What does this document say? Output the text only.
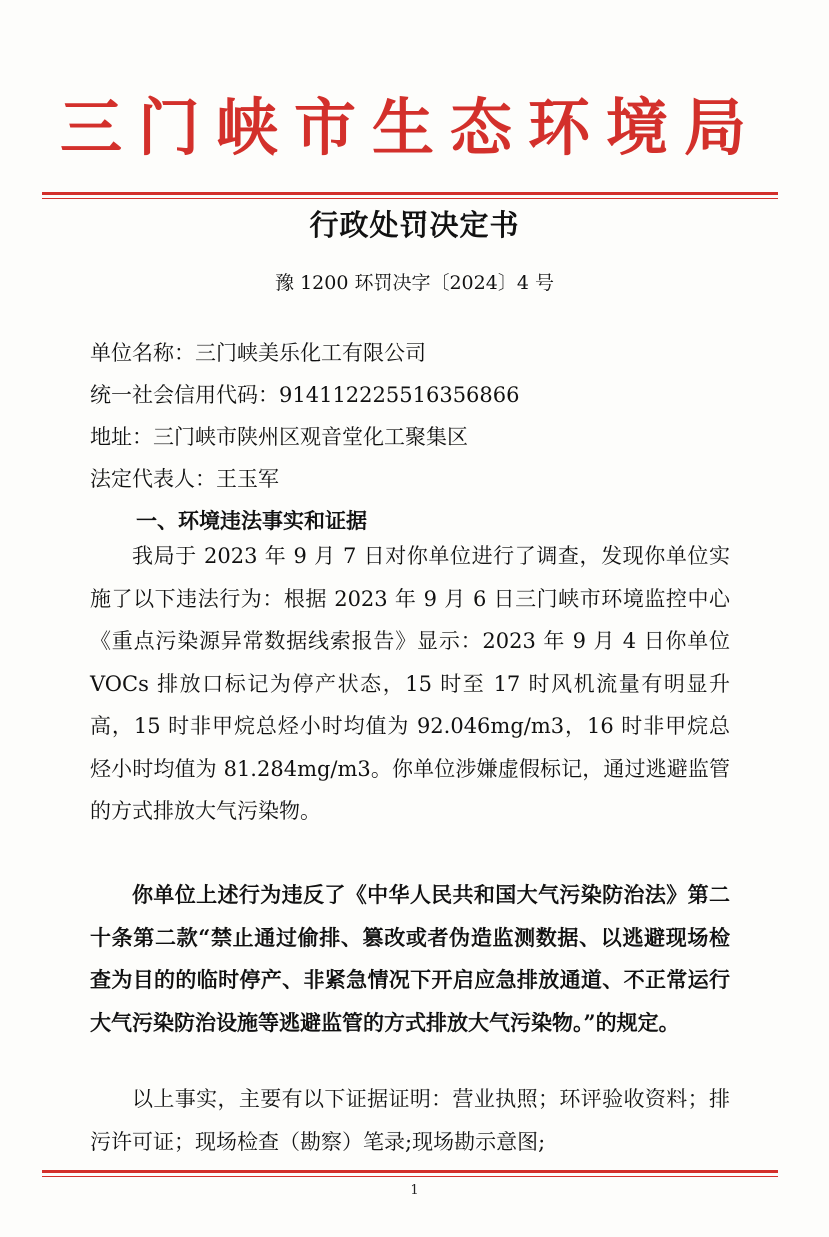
三门峡市生态环境局
行政处罚决定书
豫 1200 环罚决字〔2024〕4 号
单位名称：三门峡美乐化工有限公司
统一社会信用代码：914112225516356866
地址：三门峡市陕州区观音堂化工聚集区
法定代表人：王玉军
一、环境违法事实和证据

我局于 2023 年 9 月 7 日对你单位进行了调查，发现你单位实施了以下违法行为：根据 2023 年 9 月 6 日三门峡市环境监控中心《重点污染源异常数据线索报告》显示：2023 年 9 月 4 日你单位 VOCs 排放口标记为停产状态，15 时至 17 时风机流量有明显升高，15 时非甲烷总烃小时均值为 92.046mg/m3，16 时非甲烷总烃小时均值为 81.284mg/m3。你单位涉嫌虚假标记，通过逃避监管的方式排放大气污染物。

你单位上述行为违反了《中华人民共和国大气污染防治法》第二十条第二款“禁止通过偷排、篡改或者伪造监测数据、以逃避现场检查为目的的临时停产、非紧急情况下开启应急排放通道、不正常运行大气污染防治设施等逃避监管的方式排放大气污染物。”的规定。

以上事实，主要有以下证据证明：营业执照；环评验收资料；排污许可证；现场检查（勘察）笔录;现场勘示意图;

1
